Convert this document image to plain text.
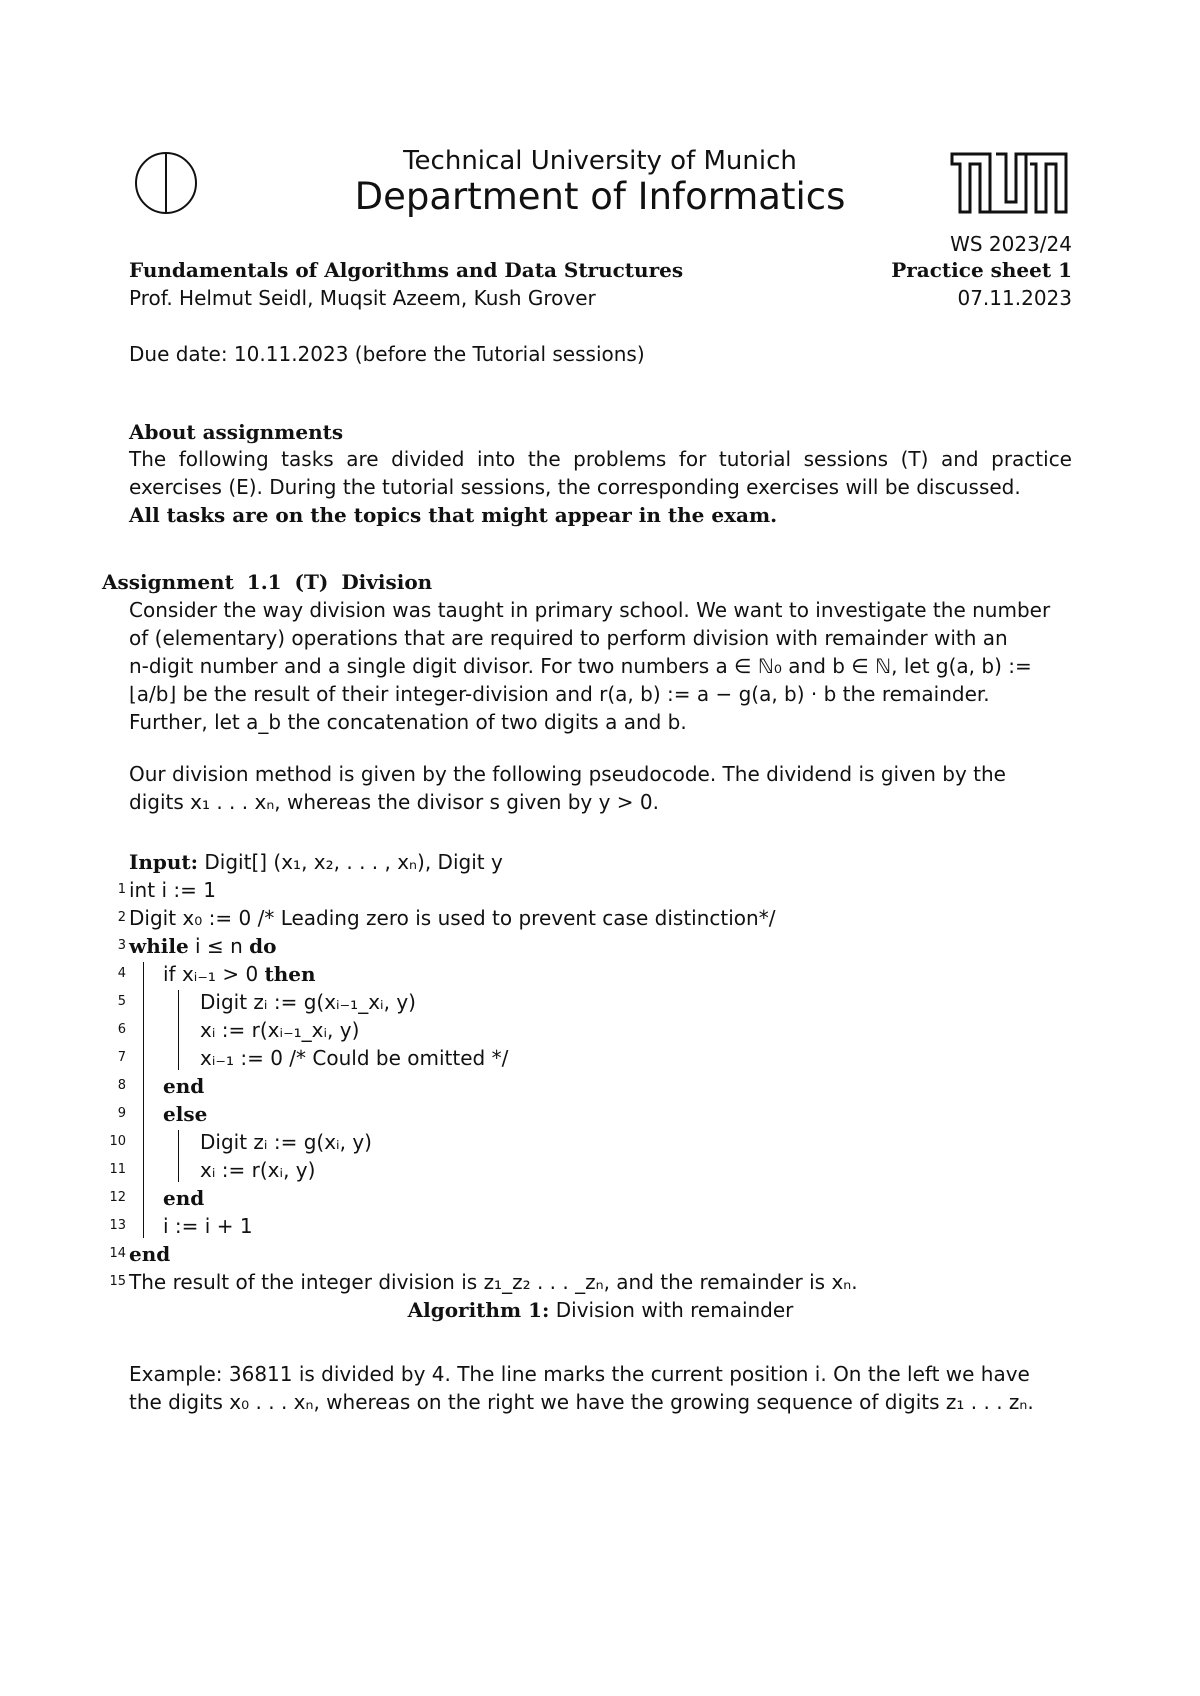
Technical University of Munich
Department of Informatics
WS 2023/24
Fundamentals of Algorithms and Data Structures	Practice sheet 1
Prof. Helmut Seidl, Muqsit Azeem, Kush Grover	07.11.2023
Due date: 10.11.2023 (before the Tutorial sessions)
About assignments
The following tasks are divided into the problems for tutorial sessions (T) and practice exercises (E). During the tutorial sessions, the corresponding exercises will be discussed.
All tasks are on the topics that might appear in the exam.
Assignment 1.1 (T) Division
Consider the way division was taught in primary school. We want to investigate the number
of (elementary) operations that are required to perform division with remainder with an
n-digit number and a single digit divisor. For two numbers a ∈ ℕ₀ and b ∈ ℕ, let g(a, b) :=
⌊a/b⌋ be the result of their integer-division and r(a, b) := a − g(a, b) · b the remainder.
Further, let a_b the concatenation of two digits a and b.
Our division method is given by the following pseudocode. The dividend is given by the
digits x₁ . . . xₙ, whereas the divisor s given by y > 0.
Input: Digit[] (x₁, x₂, . . . , xₙ), Digit y
1 int i := 1
2 Digit x₀ := 0 /* Leading zero is used to prevent case distinction*/
3 while i ≤ n do
4 if xᵢ₋₁ > 0 then
5	Digit zᵢ := g(xᵢ₋₁_xᵢ, y)
6	xᵢ := r(xᵢ₋₁_xᵢ, y)
7	xᵢ₋₁ := 0 /* Could be omitted */
8 end
9 else
10	Digit zᵢ := g(xᵢ, y)
11	xᵢ := r(xᵢ, y)
12 end
13 i := i + 1
14 end
15 The result of the integer division is z₁_z₂ . . . _zₙ, and the remainder is xₙ.
Algorithm 1: Division with remainder
Example: 36811 is divided by 4. The line marks the current position i. On the left we have
the digits x₀ . . . xₙ, whereas on the right we have the growing sequence of digits z₁ . . . zₙ.
